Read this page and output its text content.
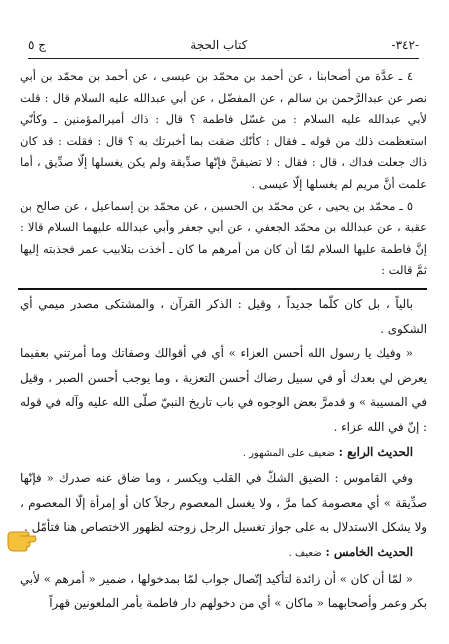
-٣٤٢-
كتاب الحجة
ج ٥

٤ ـ عدَّة من أصحابنا ، عن أحمد بن محمّد بن عيسى ، عن أحمد بن محمّد بن أبي نصر عن عبدالرَّحمن بن سالم ، عن المفضّل ، عن أبي عبدالله عليه السلام قال : قلت لأبي عبدالله عليه السلام : من غسّل فاطمة ؟ قال : ذاك أميرالمؤمنين ـ وكأنّي استعظمت ذلك من قوله ـ فقال : كأنّك ضقت بما أخبرتك به ؟ قال : فقلت : قد كان ذاك جعلت فداك ، قال : فقال : لا تضيقنَّ فإنّها صدِّيقة ولم يكن يغسلها إلّا صدِّيق ، أما علمت أنَّ مريم لم يغسلها إلّا عيسى .

٥ ـ محمّد بن يحيى ، عن محمّد بن الحسين ، عن محمّد بن إسماعيل ، عن صالح بن عقبة ، عن عبدالله بن محمّد الجعفي ، عن أبي جعفر وأبي عبدالله عليهما السلام قالا : إنَّ فاطمة عليها السلام لمّا أن كان من أمرهم ما كان ـ أخذت بتلابيب عمر فجذبته إليها ثمَّ قالت :

بالياً ، بل كان كلّما جديداً ، وقيل : الذكر القرآن ، والمشتكى مصدر ميمي أي الشكوى .

« وفيك يا رسول الله أحسن العزاء » أي في أقوالك وصفاتك وما أمرتني بعفيما يعرض لي بعدك أو في سبيل رضاك أحسن التعزية ، وما يوجب أحسن الصبر ، وقيل في المسيبة » و قدمرَّ بعض الوجوه في باب تاريخ النبيّ صلّى الله عليه وآله في قوله : إنّ في الله عزاء .

الحديث الرابع : ضعيف على المشهور .

وفي القاموس : الضيق الشكّ في القلب ويكسر ، وما ضاق عنه صدرك « فإنّها صدِّيقة » أي معصومة كما مرَّ ، ولا يغسل المعصوم رجلاً كان أو إمرأة إلّا المعصوم ، ولا يشكل الاستدلال به على جواز تغسيل الرجل زوجته لظهور الاختصاص هنا فتأمّل .

الحديث الخامس : ضعيف .

« لمّا أن كان » أن زائدة لتأكيد إتّصال جواب لمّا بمدخولها ، ضمير « أمرهم » لأبي بكر وعمر وأصحابهما « ماكان » أي من دخولهم دار فاطمة بأمر الملعونين قهراً
